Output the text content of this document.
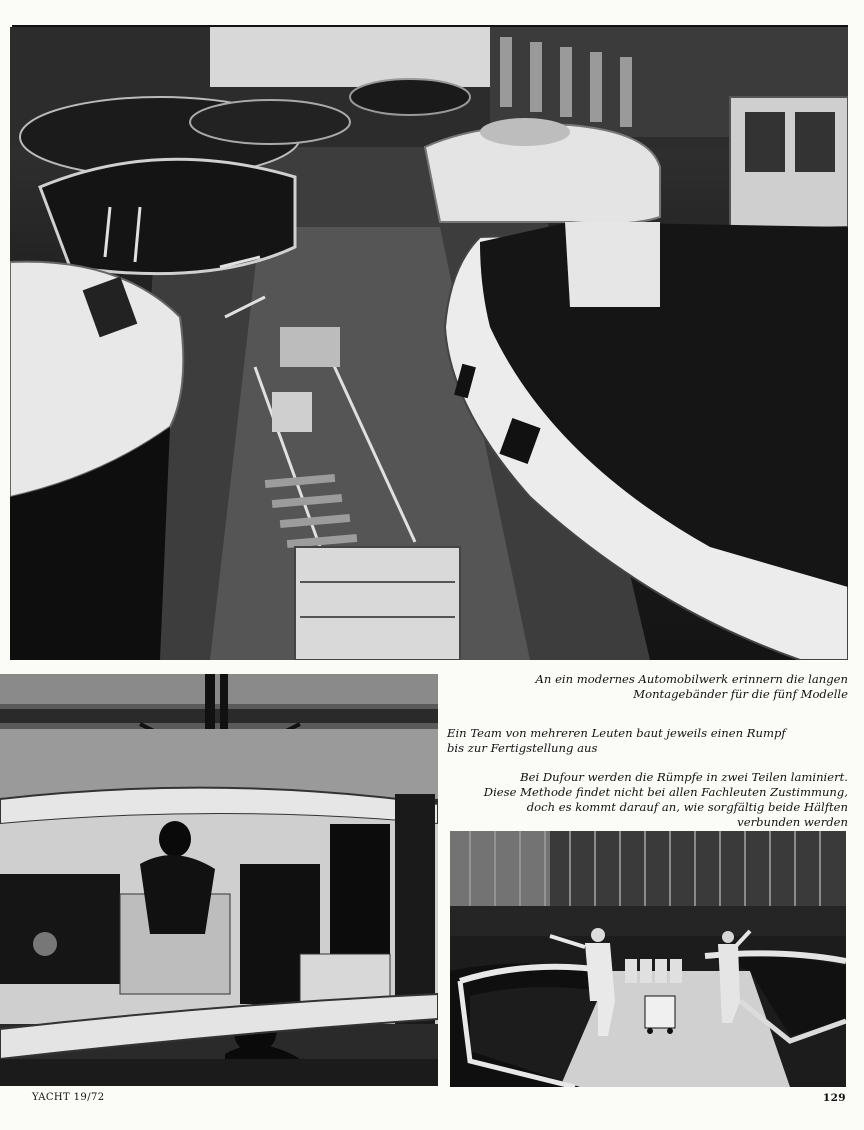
An ein modernes Automobilwerk erinnern die langen
Montagebänder für die fünf Modelle
Ein Team von mehreren Leuten baut jeweils einen Rumpf
bis zur Fertigstellung aus
Bei Dufour werden die Rümpfe in zwei Teilen laminiert.
Diese Methode findet nicht bei allen Fachleuten Zustimmung,
doch es kommt darauf an, wie sorgfältig beide Hälften
verbunden werden
YACHT 19/72	129
